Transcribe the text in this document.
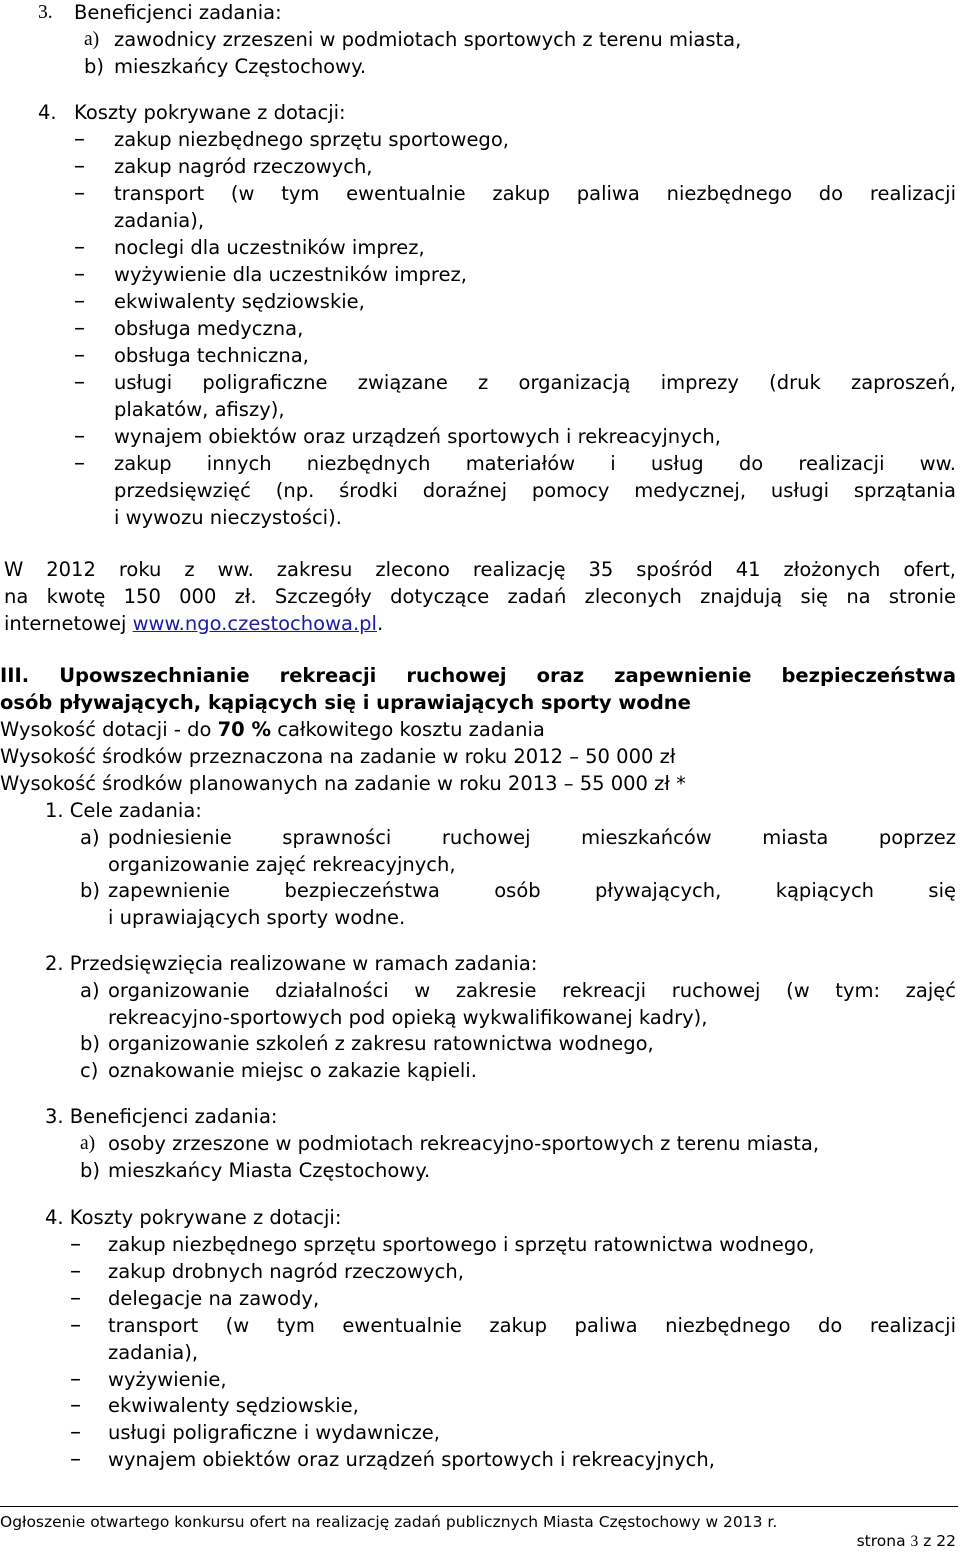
3. Beneficjenci zadania:
a) zawodnicy zrzeszeni w podmiotach sportowych z terenu miasta,
b) mieszkańcy Częstochowy.
4. Koszty pokrywane z dotacji:
– zakup niezbędnego sprzętu sportowego,
– zakup nagród rzeczowych,
– transport (w tym ewentualnie zakup paliwa niezbędnego do realizacji
zadania),
– noclegi dla uczestników imprez,
– wyżywienie dla uczestników imprez,
– ekwiwalenty sędziowskie,
– obsługa medyczna,
– obsługa techniczna,
– usługi poligraficzne związane z organizacją imprezy (druk zaproszeń,
plakatów, afiszy),
– wynajem obiektów oraz urządzeń sportowych i rekreacyjnych,
– zakup innych niezbędnych materiałów i usług do realizacji ww.
przedsięwzięć (np. środki doraźnej pomocy medycznej, usługi sprzątania
i wywozu nieczystości).
W 2012 roku z ww. zakresu zlecono realizację 35 spośród 41 złożonych ofert,
na kwotę 150 000 zł. Szczegóły dotyczące zadań zleconych znajdują się na stronie
internetowej www.ngo.czestochowa.pl.
III. Upowszechnianie rekreacji ruchowej oraz zapewnienie bezpieczeństwa
osób pływających, kąpiących się i uprawiających sporty wodne
Wysokość dotacji - do 70 % całkowitego kosztu zadania
Wysokość środków przeznaczona na zadanie w roku 2012 – 50 000 zł
Wysokość środków planowanych na zadanie w roku 2013 – 55 000 zł *
1. Cele zadania:
a) podniesienie sprawności ruchowej mieszkańców miasta poprzez
organizowanie zajęć rekreacyjnych,
b) zapewnienie bezpieczeństwa osób pływających, kąpiących się
i uprawiających sporty wodne.
2. Przedsięwzięcia realizowane w ramach zadania:
a) organizowanie działalności w zakresie rekreacji ruchowej (w tym: zajęć
rekreacyjno-sportowych pod opieką wykwalifikowanej kadry),
b) organizowanie szkoleń z zakresu ratownictwa wodnego,
c) oznakowanie miejsc o zakazie kąpieli.
3. Beneficjenci zadania:
a) osoby zrzeszone w podmiotach rekreacyjno-sportowych z terenu miasta,
b) mieszkańcy Miasta Częstochowy.
4. Koszty pokrywane z dotacji:
– zakup niezbędnego sprzętu sportowego i sprzętu ratownictwa wodnego,
– zakup drobnych nagród rzeczowych,
– delegacje na zawody,
– transport (w tym ewentualnie zakup paliwa niezbędnego do realizacji
zadania),
– wyżywienie,
– ekwiwalenty sędziowskie,
– usługi poligraficzne i wydawnicze,
– wynajem obiektów oraz urządzeń sportowych i rekreacyjnych,
Ogłoszenie otwartego konkursu ofert na realizację zadań publicznych Miasta Częstochowy w 2013 r.
strona 3 z 22
